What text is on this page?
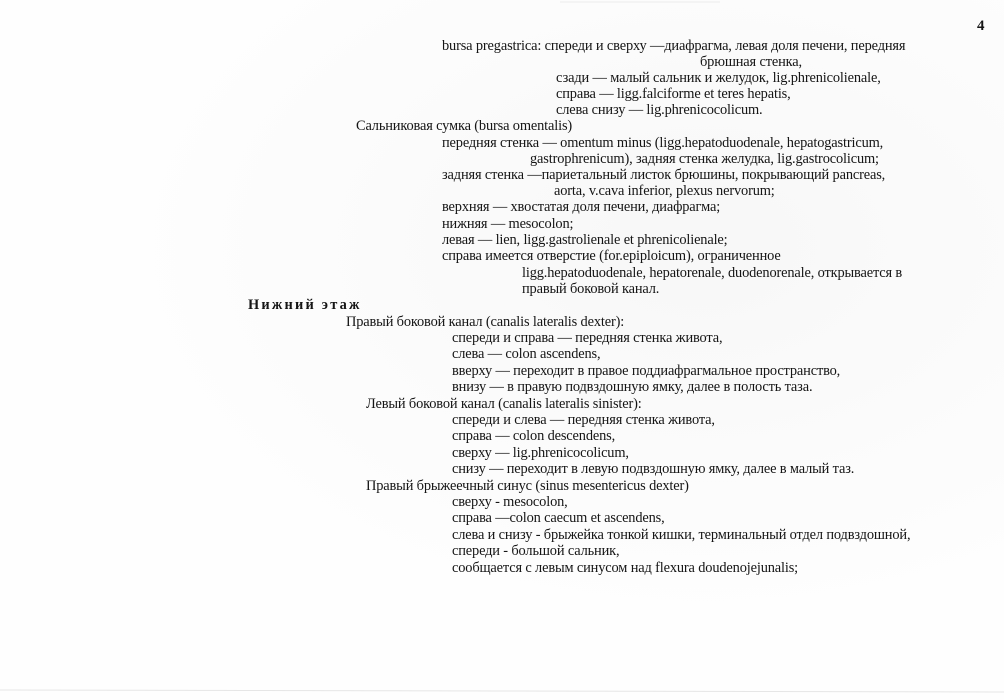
4
bursa pregastrica: спереди и сверху —диафрагма, левая доля печени, передняя
брюшная стенка,
сзади — малый сальник и желудок, lig.phrenicolienale,
справа — ligg.falciforme et teres hepatis,
слева снизу — lig.phrenicocolicum.
Сальниковая сумка (bursa omentalis)
передняя стенка — omentum minus (ligg.hepatoduodenale, hepatogastricum,
gastrophrenicum), задняя стенка желудка, lig.gastrocolicum;
задняя стенка —париетальный листок брюшины, покрывающий pancreas,
aorta, v.cava inferior, plexus nervorum;
верхняя — хвостатая доля печени, диафрагма;
нижняя — mesocolon;
левая — lien, ligg.gastrolienale et phrenicolienale;
справа имеется отверстие (for.epiploicum), ограниченное
ligg.hepatoduodenale, hepatorenale, duodenorenale, открывается в
правый боковой канал.
Нижний этаж
Правый боковой канал (canalis lateralis dexter):
спереди и справа — передняя стенка живота,
слева — colon ascendens,
вверху — переходит в правое поддиафрагмальное пространство,
внизу — в правую подвздошную ямку, далее в полость таза.
Левый боковой канал (canalis lateralis sinister):
спереди и слева — передняя стенка живота,
справа — colon descendens,
сверху — lig.phrenicocolicum,
снизу — переходит в левую подвздошную ямку, далее в малый таз.
Правый брыжеечный синус (sinus mesentericus dexter)
сверху - mesocolon,
справа —colon caecum et ascendens,
слева и снизу - брыжейка тонкой кишки, терминальный отдел подвздошной,
спереди - большой сальник,
сообщается с левым синусом над flexura doudenojejunalis;
